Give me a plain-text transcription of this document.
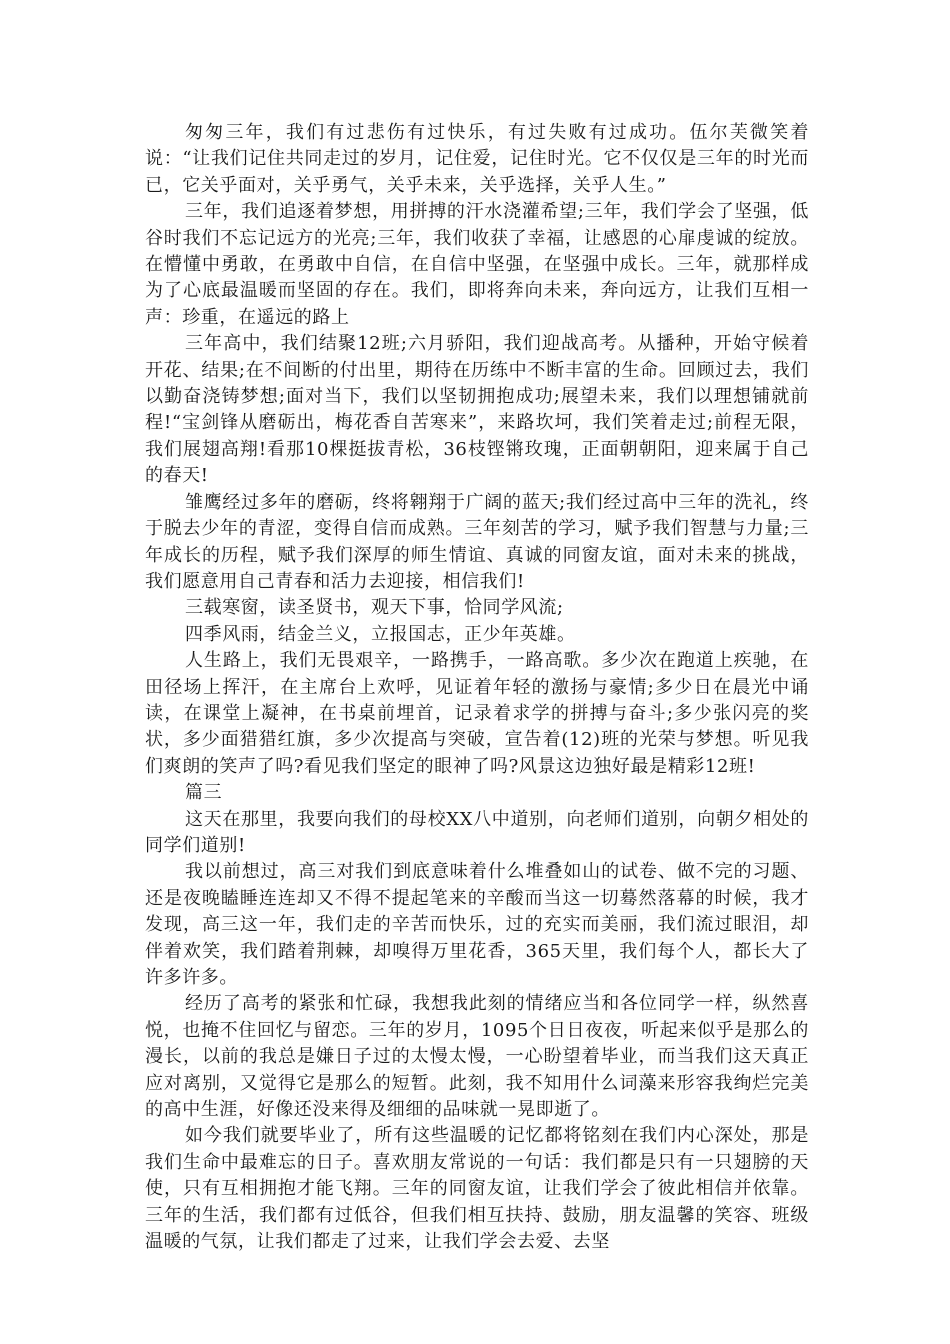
匆匆三年，我们有过悲伤有过快乐，有过失败有过成功。伍尔芙微笑着说：“让我们记住共同走过的岁月，记住爱，记住时光。它不仅仅是三年的时光而已，它关乎面对，关乎勇气，关乎未来，关乎选择，关乎人生。”

三年，我们追逐着梦想，用拼搏的汗水浇灌希望;三年，我们学会了坚强，低谷时我们不忘记远方的光亮;三年，我们收获了幸福，让感恩的心扉虔诚的绽放。在懵懂中勇敢，在勇敢中自信，在自信中坚强，在坚强中成长。三年，就那样成为了心底最温暖而坚固的存在。我们，即将奔向未来，奔向远方，让我们互相一声：珍重，在遥远的路上

三年高中，我们结聚12班;六月骄阳，我们迎战高考。从播种，开始守候着开花、结果;在不间断的付出里，期待在历练中不断丰富的生命。回顾过去，我们以勤奋浇铸梦想;面对当下，我们以坚韧拥抱成功;展望未来，我们以理想铺就前程!“宝剑锋从磨砺出，梅花香自苦寒来”，来路坎坷，我们笑着走过;前程无限，我们展翅高翔!看那10棵挺拔青松，36枝铿锵玫瑰，正面朝朝阳，迎来属于自己的春天!

雏鹰经过多年的磨砺，终将翱翔于广阔的蓝天;我们经过高中三年的洗礼，终于脱去少年的青涩，变得自信而成熟。三年刻苦的学习，赋予我们智慧与力量;三年成长的历程，赋予我们深厚的师生情谊、真诚的同窗友谊，面对未来的挑战，我们愿意用自己青春和活力去迎接，相信我们!

三载寒窗，读圣贤书，观天下事，恰同学风流;

四季风雨，结金兰义，立报国志，正少年英雄。

人生路上，我们无畏艰辛，一路携手，一路高歌。多少次在跑道上疾驰，在田径场上挥汗，在主席台上欢呼，见证着年轻的激扬与豪情;多少日在晨光中诵读，在课堂上凝神，在书桌前埋首，记录着求学的拼搏与奋斗;多少张闪亮的奖状，多少面猎猎红旗，多少次提高与突破，宣告着(12)班的光荣与梦想。听见我们爽朗的笑声了吗?看见我们坚定的眼神了吗?风景这边独好最是精彩12班!

篇三

这天在那里，我要向我们的母校XX八中道别，向老师们道别，向朝夕相处的同学们道别!

我以前想过，高三对我们到底意味着什么堆叠如山的试卷、做不完的习题、还是夜晚瞌睡连连却又不得不提起笔来的辛酸而当这一切蓦然落幕的时候，我才发现，高三这一年，我们走的辛苦而快乐，过的充实而美丽，我们流过眼泪，却伴着欢笑，我们踏着荆棘，却嗅得万里花香，365天里，我们每个人，都长大了许多许多。

经历了高考的紧张和忙碌，我想我此刻的情绪应当和各位同学一样，纵然喜悦，也掩不住回忆与留恋。三年的岁月，1095个日日夜夜，听起来似乎是那么的漫长，以前的我总是嫌日子过的太慢太慢，一心盼望着毕业，而当我们这天真正应对离别，又觉得它是那么的短暂。此刻，我不知用什么词藻来形容我绚烂完美的高中生涯，好像还没来得及细细的品味就一晃即逝了。

如今我们就要毕业了，所有这些温暖的记忆都将铭刻在我们内心深处，那是我们生命中最难忘的日子。喜欢朋友常说的一句话：我们都是只有一只翅膀的天使，只有互相拥抱才能飞翔。三年的同窗友谊，让我们学会了彼此相信并依靠。三年的生活，我们都有过低谷，但我们相互扶持、鼓励，朋友温馨的笑容、班级温暖的气氛，让我们都走了过来，让我们学会去爱、去坚
